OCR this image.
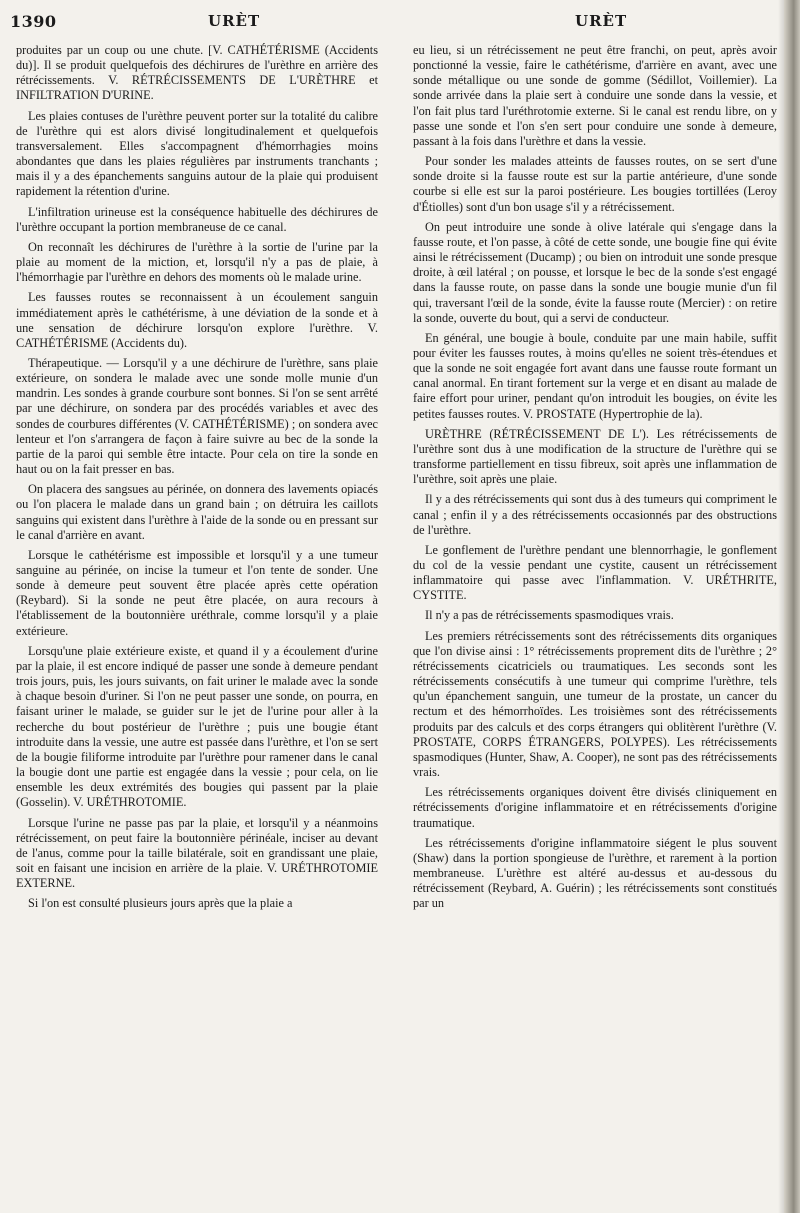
1390	URÈT	URÈT

produites par un coup ou une chute. [V. CATHÉTÉRISME (Accidents du)]. Il se produit quelquefois des déchirures de l'urèthre en arrière des rétrécissements. V. RÉTRÉCISSEMENTS DE L'URÈTHRE et INFILTRATION D'URINE.

Les plaies contuses de l'urèthre peuvent porter sur la totalité du calibre de l'urèthre qui est alors divisé longitudinalement et quelquefois transversalement. Elles s'accompagnent d'hémorrhagies moins abondantes que dans les plaies régulières par instruments tranchants ; mais il y a des épanchements sanguins autour de la plaie qui produisent rapidement la rétention d'urine.

L'infiltration urineuse est la conséquence habituelle des déchirures de l'urèthre occupant la portion membraneuse de ce canal.

On reconnaît les déchirures de l'urèthre à la sortie de l'urine par la plaie au moment de la miction, et, lorsqu'il n'y a pas de plaie, à l'hémorrhagie par l'urèthre en dehors des moments où le malade urine.

Les fausses routes se reconnaissent à un écoulement sanguin immédiatement après le cathétérisme, à une déviation de la sonde et à une sensation de déchirure lorsqu'on explore l'urèthre. V. CATHÉTÉRISME (Accidents du).

Thérapeutique. — Lorsqu'il y a une déchirure de l'urèthre, sans plaie extérieure, on sondera le malade avec une sonde molle munie d'un mandrin. Les sondes à grande courbure sont bonnes. Si l'on se sent arrêté par une déchirure, on sondera par des procédés variables et avec des sondes de courbures différentes (V. CATHÉTÉRISME) ; on sondera avec lenteur et l'on s'arrangera de façon à faire suivre au bec de la sonde la partie de la paroi qui semble être intacte. Pour cela on tire la sonde en haut ou on la fait presser en bas.

On placera des sangsues au périnée, on donnera des lavements opiacés ou l'on placera le malade dans un grand bain ; on détruira les caillots sanguins qui existent dans l'urèthre à l'aide de la sonde ou en pressant sur le canal d'arrière en avant.

Lorsque le cathétérisme est impossible et lorsqu'il y a une tumeur sanguine au périnée, on incise la tumeur et l'on tente de sonder. Une sonde à demeure peut souvent être placée après cette opération (Reybard). Si la sonde ne peut être placée, on aura recours à l'établissement de la boutonnière uréthrale, comme lorsqu'il y a plaie extérieure.

Lorsqu'une plaie extérieure existe, et quand il y a écoulement d'urine par la plaie, il est encore indiqué de passer une sonde à demeure pendant trois jours, puis, les jours suivants, on fait uriner le malade avec la sonde à chaque besoin d'uriner. Si l'on ne peut passer une sonde, on pourra, en faisant uriner le malade, se guider sur le jet de l'urine pour aller à la recherche du bout postérieur de l'urèthre ; puis une bougie étant introduite dans la vessie, une autre est passée dans l'urèthre, et l'on se sert de la bougie filiforme introduite par l'urèthre pour ramener dans le canal la bougie dont une partie est engagée dans la vessie ; pour cela, on lie ensemble les deux extrémités des bougies qui passent par la plaie (Gosselin). V. URÉTHROTOMIE.

Lorsque l'urine ne passe pas par la plaie, et lorsqu'il y a néanmoins rétrécissement, on peut faire la boutonnière périnéale, inciser au devant de l'anus, comme pour la taille bilatérale, soit en grandissant une plaie, soit en faisant une incision en arrière de la plaie. V. URÉTHROTOMIE EXTERNE.

Si l'on est consulté plusieurs jours après que la plaie a

eu lieu, si un rétrécissement ne peut être franchi, on peut, après avoir ponctionné la vessie, faire le cathétérisme, d'arrière en avant, avec une sonde métallique ou une sonde de gomme (Sédillot, Voillemier). La sonde arrivée dans la plaie sert à conduire une sonde dans la vessie, et l'on fait plus tard l'uréthrotomie externe. Si le canal est rendu libre, on y passe une sonde et l'on s'en sert pour conduire une sonde à demeure, passant à la fois dans l'urèthre et dans la vessie.

Pour sonder les malades atteints de fausses routes, on se sert d'une sonde droite si la fausse route est sur la partie antérieure, d'une sonde courbe si elle est sur la paroi postérieure. Les bougies tortillées (Leroy d'Étiolles) sont d'un bon usage s'il y a rétrécissement.

On peut introduire une sonde à olive latérale qui s'engage dans la fausse route, et l'on passe, à côté de cette sonde, une bougie fine qui évite ainsi le rétrécissement (Ducamp) ; ou bien on introduit une sonde presque droite, à œil latéral ; on pousse, et lorsque le bec de la sonde s'est engagé dans la fausse route, on passe dans la sonde une bougie munie d'un fil qui, traversant l'œil de la sonde, évite la fausse route (Mercier) : on retire la sonde, ouverte du bout, qui a servi de conducteur.

En général, une bougie à boule, conduite par une main habile, suffit pour éviter les fausses routes, à moins qu'elles ne soient très-étendues et que la sonde ne soit engagée fort avant dans une fausse route formant un canal anormal. En tirant fortement sur la verge et en disant au malade de faire effort pour uriner, pendant qu'on introduit les bougies, on évite les petites fausses routes. V. PROSTATE (Hypertrophie de la).

URÈTHRE (RÉTRÉCISSEMENT DE L'). Les rétrécissements de l'urèthre sont dus à une modification de la structure de l'urèthre qui se transforme partiellement en tissu fibreux, soit après une inflammation de l'urèthre, soit après une plaie.

Il y a des rétrécissements qui sont dus à des tumeurs qui compriment le canal ; enfin il y a des rétrécissements occasionnés par des obstructions de l'urèthre.

Le gonflement de l'urèthre pendant une blennorrhagie, le gonflement du col de la vessie pendant une cystite, causent un rétrécissement inflammatoire qui passe avec l'inflammation. V. URÉTHRITE, CYSTITE.

Il n'y a pas de rétrécissements spasmodiques vrais.

Les premiers rétrécissements sont des rétrécissements dits organiques que l'on divise ainsi : 1° rétrécissements proprement dits de l'urèthre ; 2° rétrécissements cicatriciels ou traumatiques. Les seconds sont les rétrécissements consécutifs à une tumeur qui comprime l'urèthre, tels qu'un épanchement sanguin, une tumeur de la prostate, un cancer du rectum et des hémorrhoïdes. Les troisièmes sont des rétrécissements produits par des calculs et des corps étrangers qui oblitèrent l'urèthre (V. PROSTATE, CORPS ÉTRANGERS, POLYPES). Les rétrécissements spasmodiques (Hunter, Shaw, A. Cooper), ne sont pas des rétrécissements vrais.

Les rétrécissements organiques doivent être divisés cliniquement en rétrécissements d'origine inflammatoire et en rétrécissements d'origine traumatique.

Les rétrécissements d'origine inflammatoire siégent le plus souvent (Shaw) dans la portion spongieuse de l'urèthre, et rarement à la portion membraneuse. L'urèthre est altéré au-dessus et au-dessous du rétrécissement (Reybard, A. Guérin) ; les rétrécissements sont constitués par un
